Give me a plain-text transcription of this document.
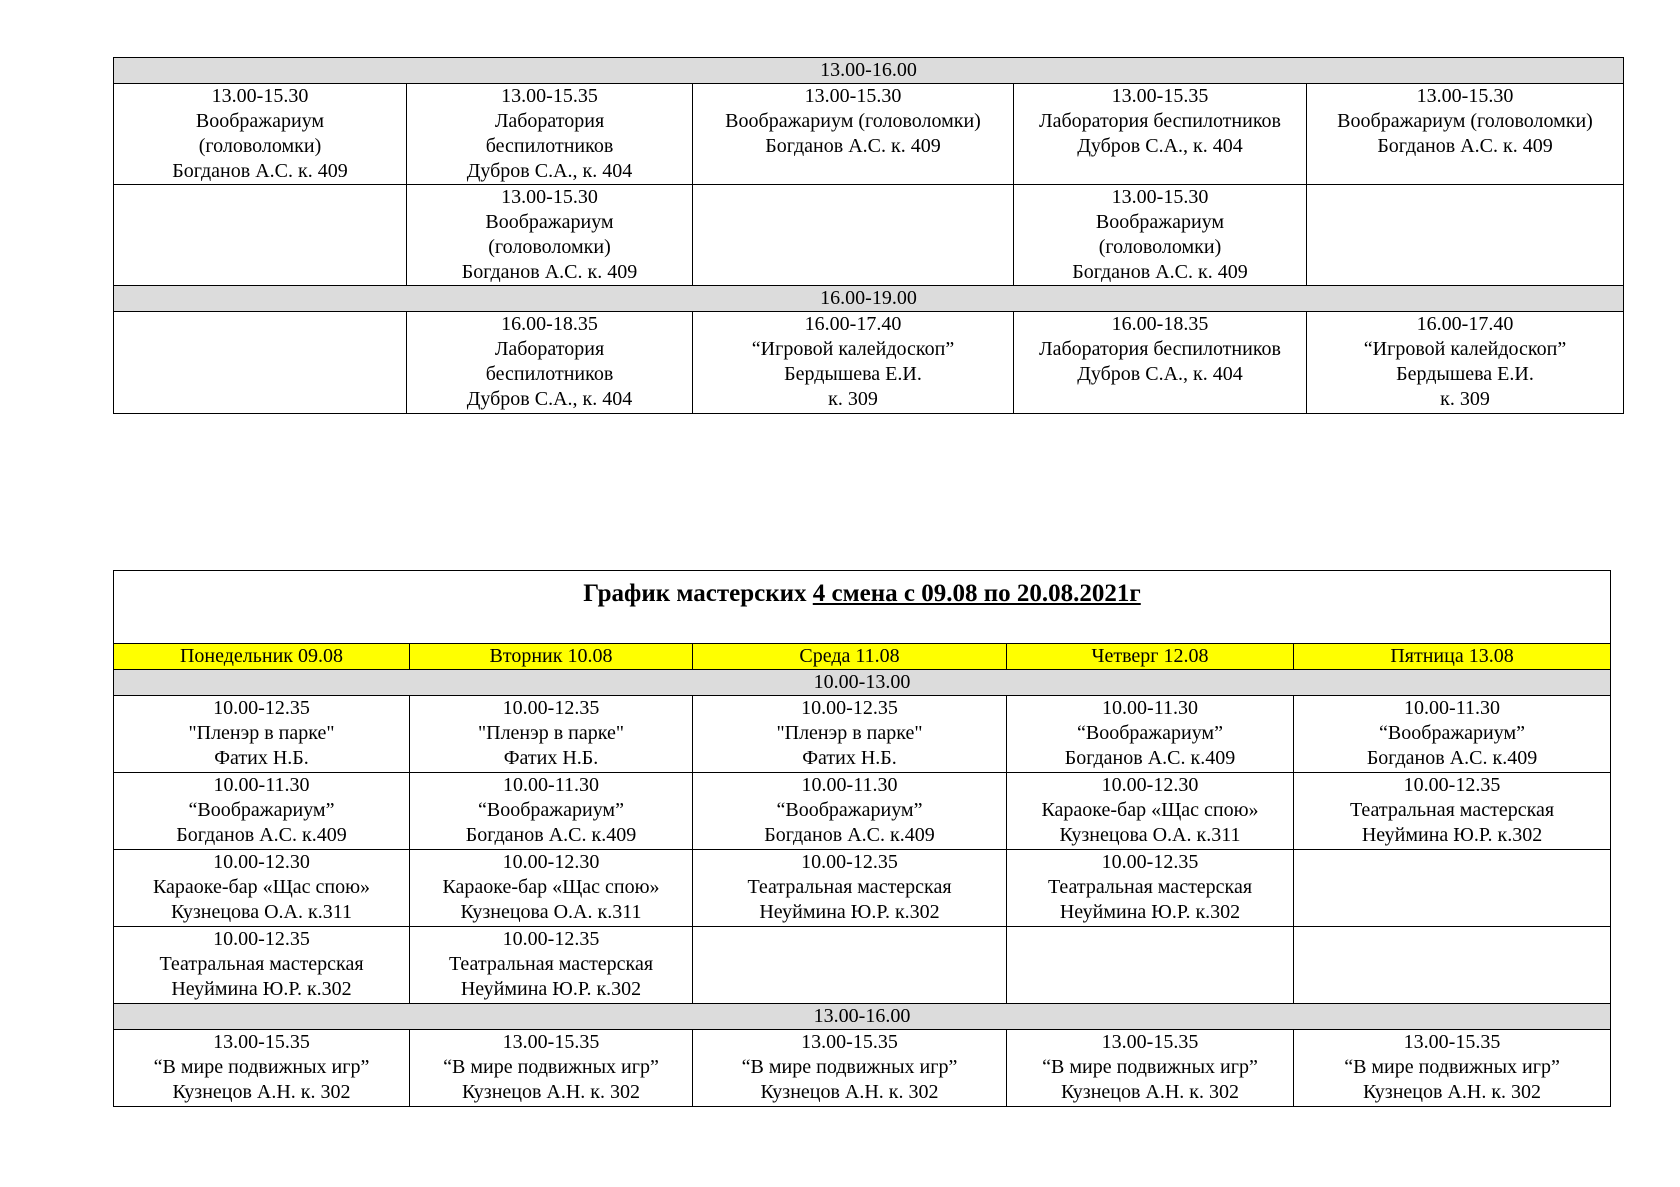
13.00-16.00				

13.00-15.30
Воображариум
(головоломки)
Богданов А.С. к. 409	13.00-15.35
Лаборатория
беспилотников
Дубров С.А., к. 404	13.00-15.30
Воображариум (головоломки)
Богданов А.С. к. 409	13.00-15.35
Лаборатория беспилотников
Дубров С.А., к. 404	13.00-15.30
Воображариум (головоломки)
Богданов А.С. к. 409

	13.00-15.30
Воображариум
(головоломки)
Богданов А.С. к. 409		13.00-15.30
Воображариум
(головоломки)
Богданов А.С. к. 409	

16.00-19.00				

	16.00-18.35
Лаборатория
беспилотников
Дубров С.А., к. 404	16.00-17.40
“Игровой калейдоскоп”
Бердышева Е.И.
к. 309	16.00-18.35
Лаборатория беспилотников
Дубров С.А., к. 404	16.00-17.40
“Игровой калейдоскоп”
Бердышева Е.И.
к. 309
График мастерских 4 смена с 09.08 по 20.08.2021г				
Понедельник 09.08	Вторник 10.08	Среда 11.08	Четверг 12.08	Пятница 13.08
10.00-13.00				

10.00-12.35
"Пленэр в парке"
Фатих Н.Б.	10.00-12.35
"Пленэр в парке"
Фатих Н.Б.	10.00-12.35
"Пленэр в парке"
Фатих Н.Б.	10.00-11.30
“Воображариум”
Богданов А.С. к.409	10.00-11.30
“Воображариум”
Богданов А.С. к.409

10.00-11.30
“Воображариум”
Богданов А.С. к.409	10.00-11.30
“Воображариум”
Богданов А.С. к.409	10.00-11.30
“Воображариум”
Богданов А.С. к.409	10.00-12.30
Караоке-бар «Щас спою»
Кузнецова О.А. к.311	10.00-12.35
Театральная мастерская
Неуймина Ю.Р. к.302

10.00-12.30
Караоке-бар «Щас спою»
Кузнецова О.А. к.311	10.00-12.30
Караоке-бар «Щас спою»
Кузнецова О.А. к.311	10.00-12.35
Театральная мастерская
Неуймина Ю.Р. к.302	10.00-12.35
Театральная мастерская
Неуймина Ю.Р. к.302	

10.00-12.35
Театральная мастерская
Неуймина Ю.Р. к.302	10.00-12.35
Театральная мастерская
Неуймина Ю.Р. к.302			

13.00-16.00				

13.00-15.35
“В мире подвижных игр”
Кузнецов А.Н. к. 302	13.00-15.35
“В мире подвижных игр”
Кузнецов А.Н. к. 302	13.00-15.35
“В мире подвижных игр”
Кузнецов А.Н. к. 302	13.00-15.35
“В мире подвижных игр”
Кузнецов А.Н. к. 302	13.00-15.35
“В мире подвижных игр”
Кузнецов А.Н. к. 302
